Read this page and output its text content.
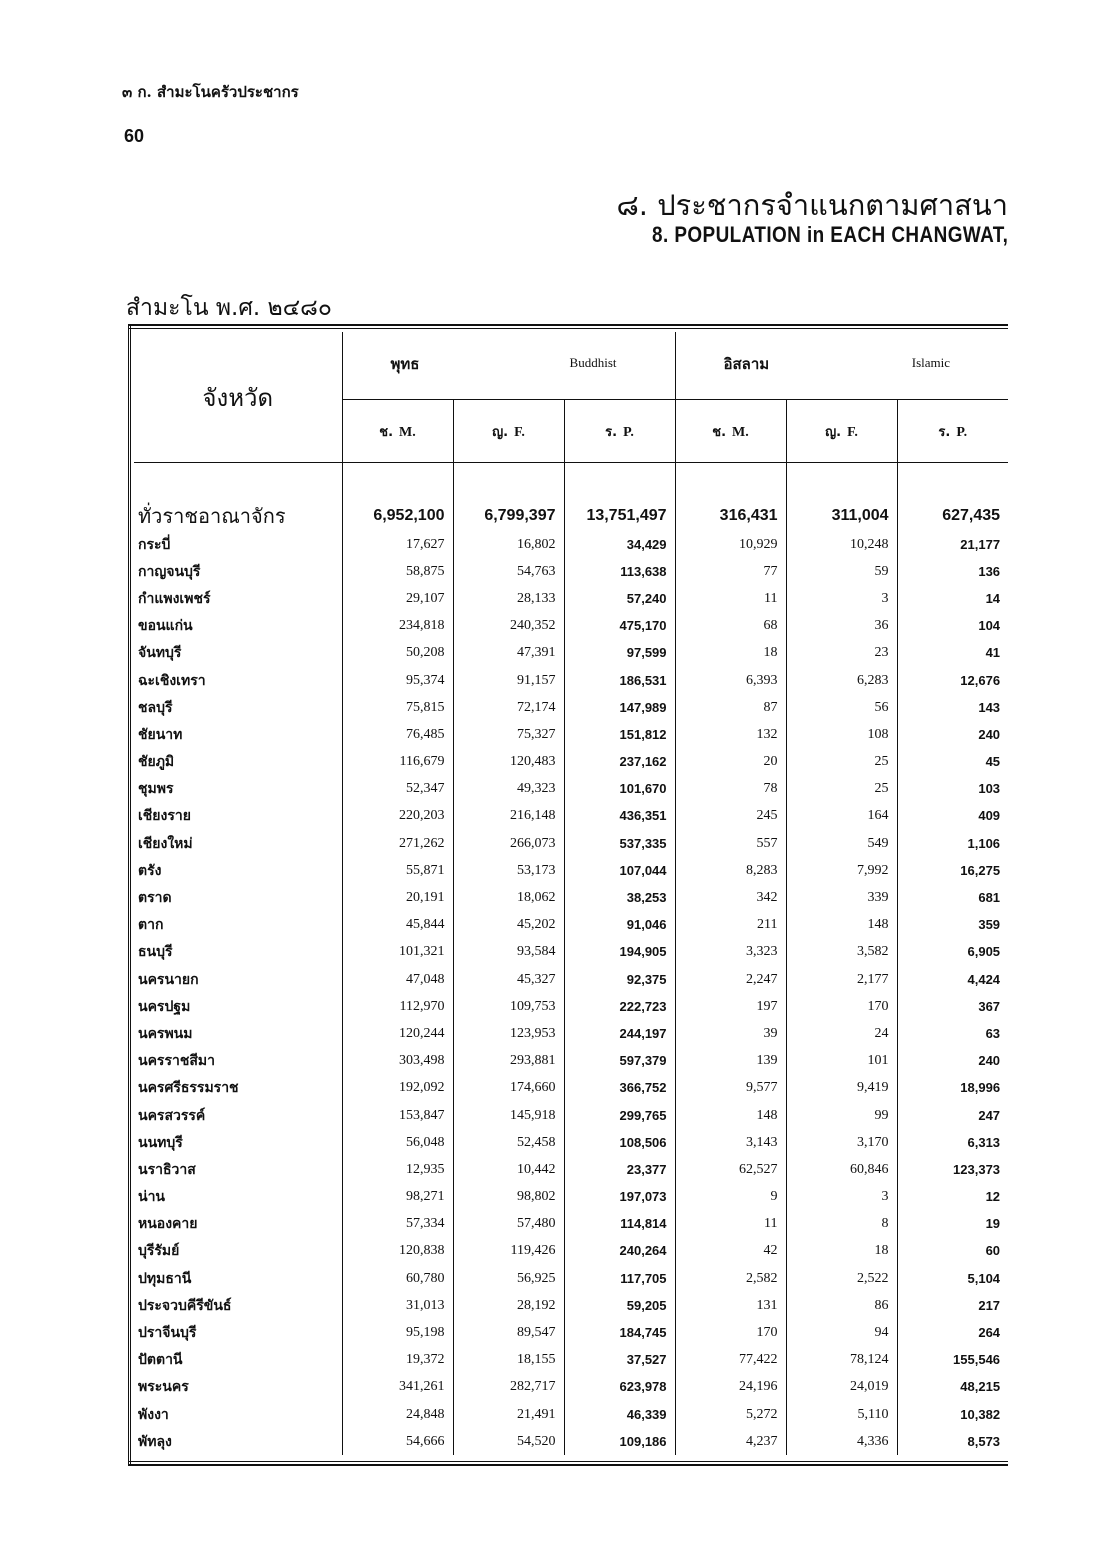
๓ ก. สำมะโนครัวประชากร
60
๘. ประชากรจำแนกตามศาสนา
8. POPULATION in EACH CHANGWAT,
สำมะโน พ.ศ. ๒๔๘๐
จังหวัด	พุทธ Buddhist			อิสลาม Islamic		

	ช. M.	ญ. F.	ร. P.	ช. M.	ญ. F.	ร. P.

ทั่วราชอาณาจักร	6,952,100	6,799,397	13,751,497	316,431	311,004	627,435
กระบี่	17,627	16,802	34,429	10,929	10,248	21,177
กาญจนบุรี	58,875	54,763	113,638	77	59	136
กำแพงเพชร์	29,107	28,133	57,240	11	3	14
ขอนแก่น	234,818	240,352	475,170	68	36	104
จันทบุรี	50,208	47,391	97,599	18	23	41
ฉะเชิงเทรา	95,374	91,157	186,531	6,393	6,283	12,676
ชลบุรี	75,815	72,174	147,989	87	56	143
ชัยนาท	76,485	75,327	151,812	132	108	240
ชัยภูมิ	116,679	120,483	237,162	20	25	45
ชุมพร	52,347	49,323	101,670	78	25	103
เชียงราย	220,203	216,148	436,351	245	164	409
เชียงใหม่	271,262	266,073	537,335	557	549	1,106
ตรัง	55,871	53,173	107,044	8,283	7,992	16,275
ตราด	20,191	18,062	38,253	342	339	681
ตาก	45,844	45,202	91,046	211	148	359
ธนบุรี	101,321	93,584	194,905	3,323	3,582	6,905
นครนายก	47,048	45,327	92,375	2,247	2,177	4,424
นครปฐม	112,970	109,753	222,723	197	170	367
นครพนม	120,244	123,953	244,197	39	24	63
นครราชสีมา	303,498	293,881	597,379	139	101	240
นครศรีธรรมราช	192,092	174,660	366,752	9,577	9,419	18,996
นครสวรรค์	153,847	145,918	299,765	148	99	247
นนทบุรี	56,048	52,458	108,506	3,143	3,170	6,313
นราธิวาส	12,935	10,442	23,377	62,527	60,846	123,373
น่าน	98,271	98,802	197,073	9	3	12
หนองคาย	57,334	57,480	114,814	11	8	19
บุรีรัมย์	120,838	119,426	240,264	42	18	60
ปทุมธานี	60,780	56,925	117,705	2,582	2,522	5,104
ประจวบคีรีขันธ์	31,013	28,192	59,205	131	86	217
ปราจีนบุรี	95,198	89,547	184,745	170	94	264
ปัตตานี	19,372	18,155	37,527	77,422	78,124	155,546
พระนคร	341,261	282,717	623,978	24,196	24,019	48,215
พังงา	24,848	21,491	46,339	5,272	5,110	10,382
พัทลุง	54,666	54,520	109,186	4,237	4,336	8,573
